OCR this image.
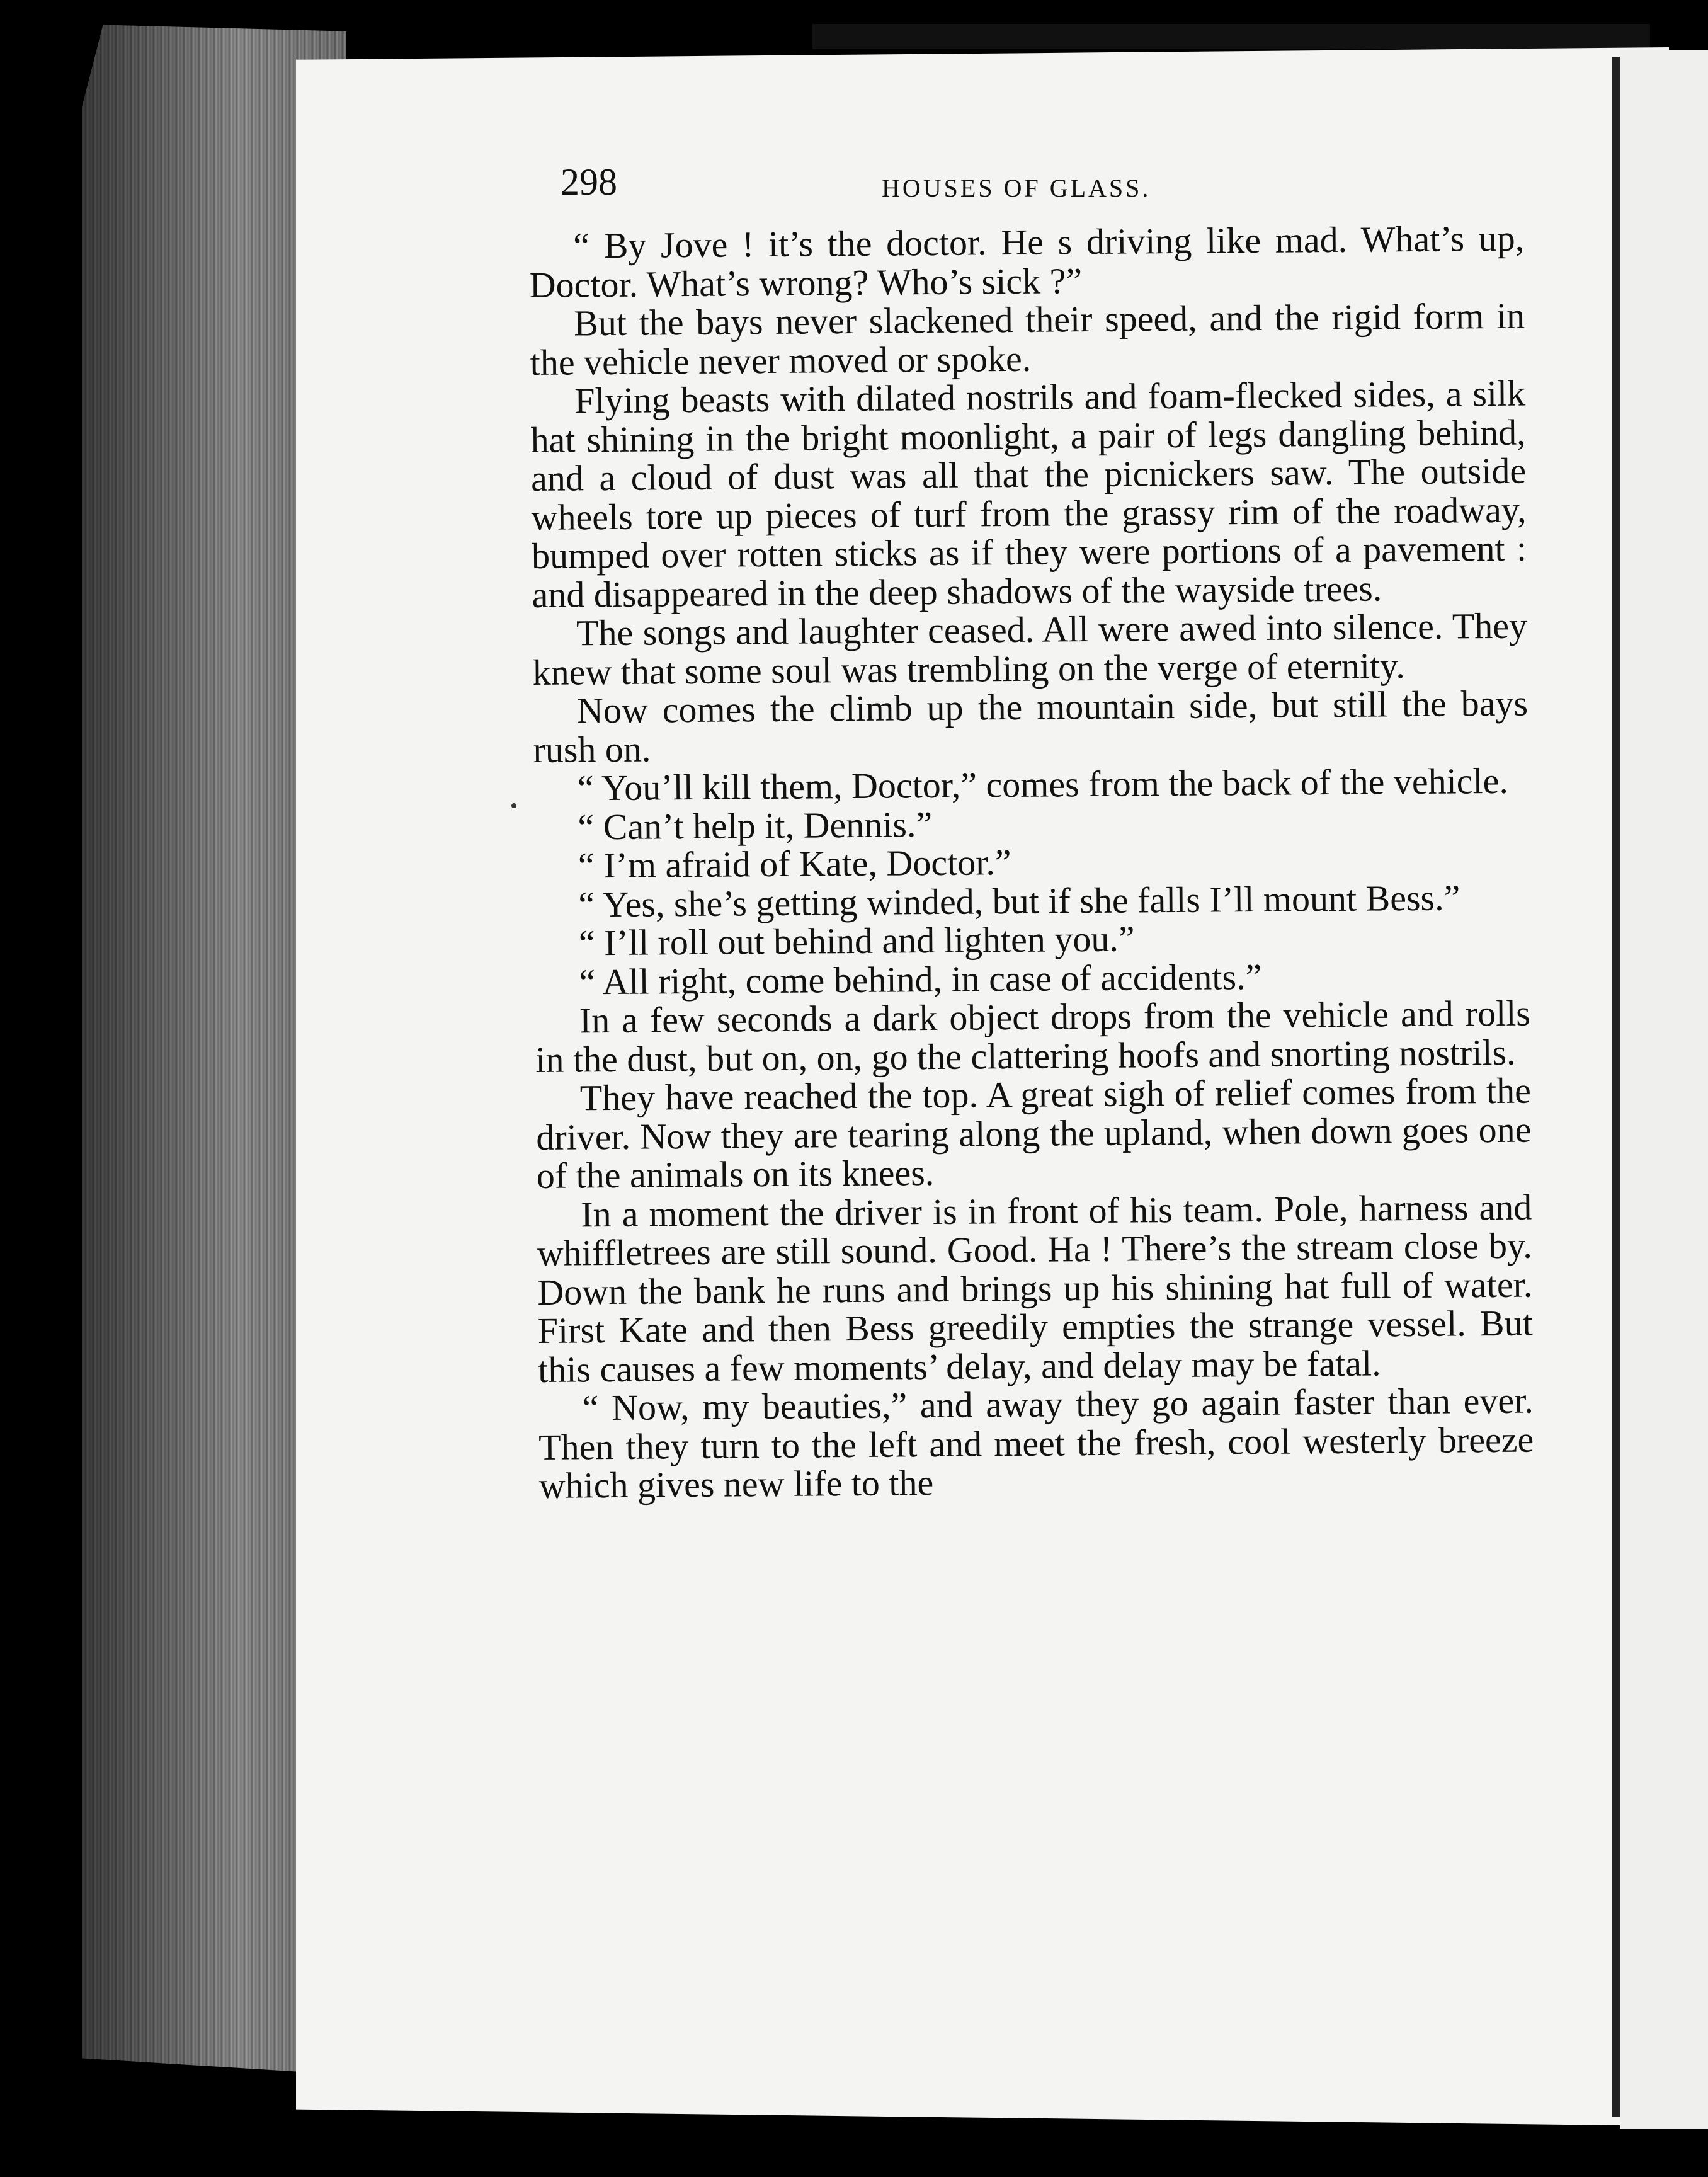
298	HOUSES OF GLASS.

“ By Jove ! it’s the doctor. He s driving like mad. What’s up, Doctor. What’s wrong? Who’s sick ?”

But the bays never slackened their speed, and the rigid form in the vehicle never moved or spoke.

Flying beasts with dilated nostrils and foam-flecked sides, a silk hat shining in the bright moonlight, a pair of legs dangling behind, and a cloud of dust was all that the picnickers saw. The outside wheels tore up pieces of turf from the grassy rim of the roadway, bumped over rotten sticks as if they were portions of a pavement : and disappeared in the deep shadows of the wayside trees.

The songs and laughter ceased. All were awed into silence. They knew that some soul was trembling on the verge of eternity.

Now comes the climb up the mountain side, but still the bays rush on.

“ You’ll kill them, Doctor,” comes from the back of the vehicle.

“ Can’t help it, Dennis.”

“ I’m afraid of Kate, Doctor.”

“ Yes, she’s getting winded, but if she falls I’ll mount Bess.”

“ I’ll roll out behind and lighten you.”

“ All right, come behind, in case of accidents.”

In a few seconds a dark object drops from the vehicle and rolls in the dust, but on, on, go the clattering hoofs and snorting nostrils.

They have reached the top. A great sigh of relief comes from the driver. Now they are tearing along the upland, when down goes one of the animals on its knees.

In a moment the driver is in front of his team. Pole, harness and whiffletrees are still sound. Good. Ha ! There’s the stream close by. Down the bank he runs and brings up his shining hat full of water. First Kate and then Bess greedily empties the strange vessel. But this causes a few moments’ delay, and delay may be fatal.

“ Now, my beauties,” and away they go again faster than ever. Then they turn to the left and meet the fresh, cool westerly breeze which gives new life to the
